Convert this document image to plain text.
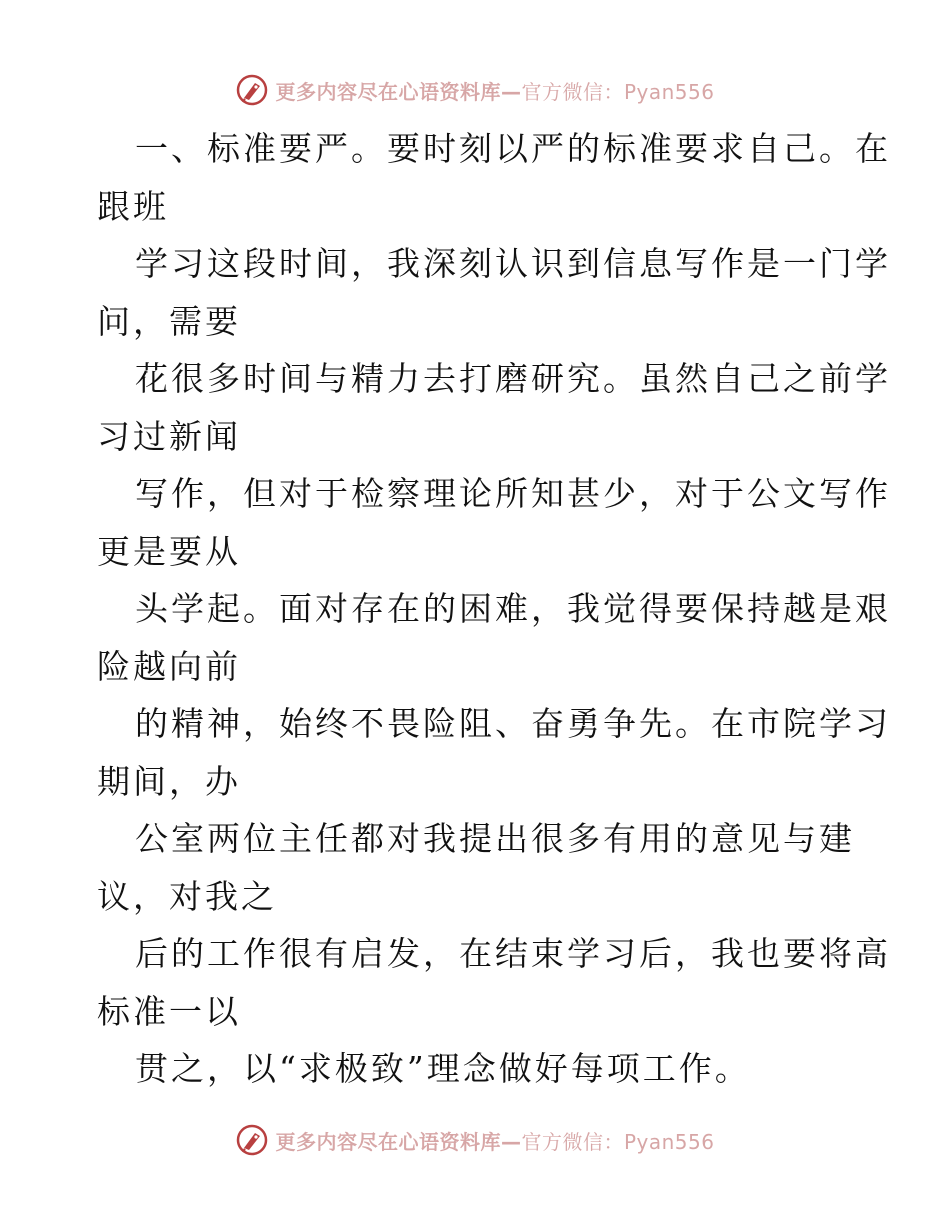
更多内容尽在心语资料库—官方微信：Pyan556

一、标准要严。要时刻以严的标准要求自己。在

跟班

学习这段时间，我深刻认识到信息写作是一门学

问，需要

花很多时间与精力去打磨研究。虽然自己之前学

习过新闻

写作，但对于检察理论所知甚少，对于公文写作

更是要从

头学起。面对存在的困难，我觉得要保持越是艰

险越向前

的精神，始终不畏险阻、奋勇争先。在市院学习

期间，办

公室两位主任都对我提出很多有用的意见与建

议，对我之

后的工作很有启发，在结束学习后，我也要将高

标准一以

贯之，以“求极致”理念做好每项工作。

更多内容尽在心语资料库—官方微信：Pyan556
